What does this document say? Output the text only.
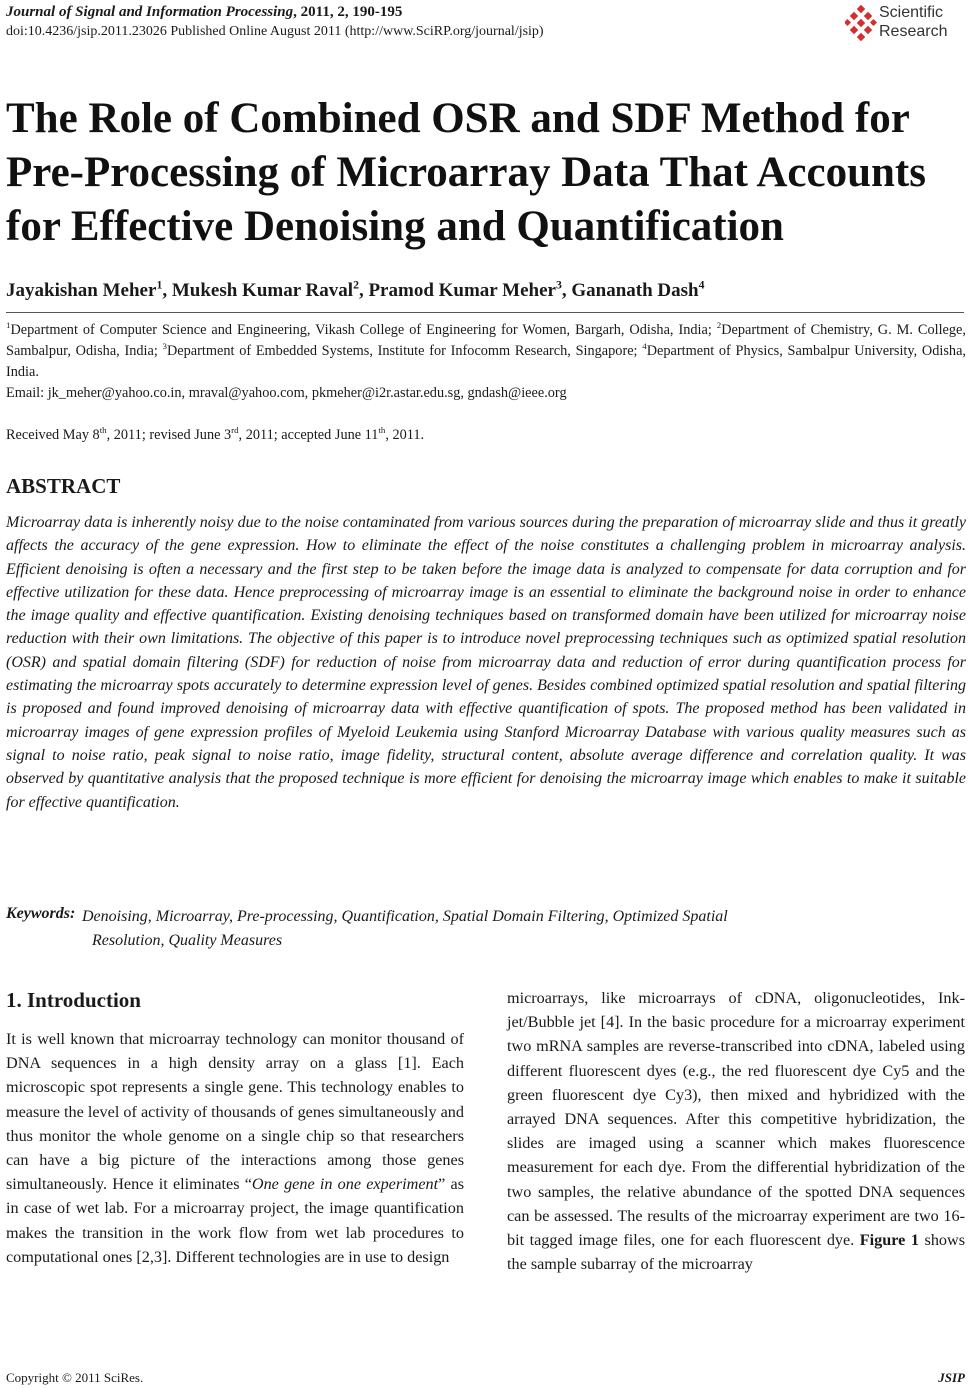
Journal of Signal and Information Processing, 2011, 2, 190-195
doi:10.4236/jsip.2011.23026 Published Online August 2011 (http://www.SciRP.org/journal/jsip)
Scientific
Research
The Role of Combined OSR and SDF Method for
Pre-Processing of Microarray Data That Accounts
for Effective Denoising and Quantification
Jayakishan Meher$^1$, Mukesh Kumar Raval$^2$, Pramod Kumar Meher$^3$, Gananath Dash$^4$
$^1$Department of Computer Science and Engineering, Vikash College of Engineering for Women, Bargarh, Odisha, India; $^2$Department of Chemistry, G. M. College, Sambalpur, Odisha, India; $^3$Department of Embedded Systems, Institute for Infocomm Research, Singapore; $^4$Department of Physics, Sambalpur University, Odisha, India.
Email: jk_meher@yahoo.co.in, mraval@yahoo.com, pkmeher@i2r.astar.edu.sg, gndash@ieee.org
Received May 8th, 2011; revised June 3rd, 2011; accepted June 11th, 2011.
ABSTRACT
Microarray data is inherently noisy due to the noise contaminated from various sources during the preparation of microarray slide and thus it greatly affects the accuracy of the gene expression. How to eliminate the effect of the noise constitutes a challenging problem in microarray analysis. Efficient denoising is often a necessary and the first step to be taken before the image data is analyzed to compensate for data corruption and for effective utilization for these data. Hence preprocessing of microarray image is an essential to eliminate the background noise in order to enhance the image quality and effective quantification. Existing denoising techniques based on transformed domain have been utilized for microarray noise reduction with their own limitations. The objective of this paper is to introduce novel preprocessing techniques such as optimized spatial resolution (OSR) and spatial domain filtering (SDF) for reduction of noise from microarray data and reduction of error during quantification process for estimating the microarray spots accurately to determine expression level of genes. Besides combined optimized spatial resolution and spatial filtering is proposed and found improved denoising of microarray data with effective quantification of spots. The proposed method has been validated in microarray images of gene expression profiles of Myeloid Leukemia using Stanford Microarray Database with various quality measures such as signal to noise ratio, peak signal to noise ratio, image fidelity, structural content, absolute average difference and correlation quality. It was observed by quantitative analysis that the proposed technique is more efficient for denoising the microarray image which enables to make it suitable for effective quantification.
Keywords: Denoising, Microarray, Pre-processing, Quantification, Spatial Domain Filtering, Optimized Spatial
Resolution, Quality Measures
1. Introduction
It is well known that microarray technology can monitor thousand of DNA sequences in a high density array on a glass [1]. Each microscopic spot represents a single gene. This technology enables to measure the level of activity of thousands of genes simultaneously and thus monitor the whole genome on a single chip so that researchers can have a big picture of the interactions among those genes simultaneously. Hence it eliminates “One gene in one experiment” as in case of wet lab. For a microarray project, the image quantification makes the transition in the work flow from wet lab procedures to computational ones [2,3]. Different technologies are in use to design
microarrays, like microarrays of cDNA, oligonucleotides, Ink-jet/Bubble jet [4]. In the basic procedure for a microarray experiment two mRNA samples are reverse-transcribed into cDNA, labeled using different fluorescent dyes (e.g., the red fluorescent dye Cy5 and the green fluorescent dye Cy3), then mixed and hybridized with the arrayed DNA sequences. After this competitive hybridization, the slides are imaged using a scanner which makes fluorescence measurement for each dye. From the differential hybridization of the two samples, the relative abundance of the spotted DNA sequences can be assessed. The results of the microarray experiment are two 16-bit tagged image files, one for each fluorescent dye. Figure 1 shows the sample subarray of the microarray
Copyright © 2011 SciRes.	JSIP
